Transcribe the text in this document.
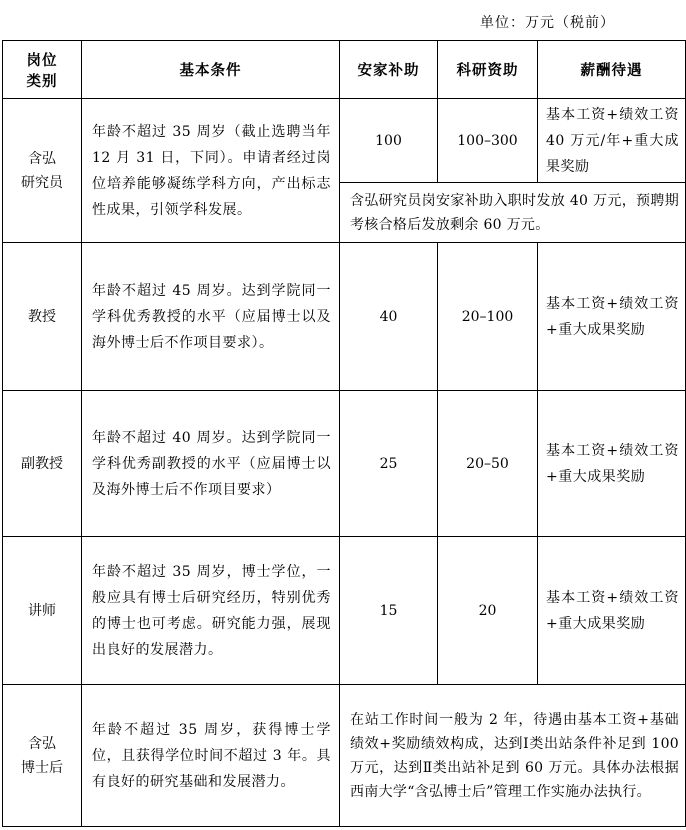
单位：万元（税前）
岗位
类别	基本条件	安家补助	科研资助	薪酬待遇

含弘
研究员	年龄不超过 35 周岁（截止选聘当年 12 月 31 日，下同）。申请者经过岗位培养能够凝练学科方向，产出标志性成果，引领学科发展。	100	100–300	基本工资+绩效工资 40 万元/年+重大成果奖励
		含弘研究员岗安家补助入职时发放 40 万元，预聘期考核合格后发放剩余 60 万元。		
教授	年龄不超过 45 周岁。达到学院同一学科优秀教授的水平（应届博士以及海外博士后不作项目要求）。	40	20–100	基本工资+绩效工资+重大成果奖励
副教授	年龄不超过 40 周岁。达到学院同一学科优秀副教授的水平（应届博士以及海外博士后不作项目要求）	25	20–50	基本工资+绩效工资+重大成果奖励
讲师	年龄不超过 35 周岁，博士学位，一般应具有博士后研究经历，特别优秀的博士也可考虑。研究能力强，展现出良好的发展潜力。	15	20	基本工资+绩效工资+重大成果奖励

含弘
博士后	年龄不超过 35 周岁，获得博士学位，且获得学位时间不超过 3 年。具有良好的研究基础和发展潜力。	在站工作时间一般为 2 年，待遇由基本工资+基础绩效+奖励绩效构成，达到Ⅰ类出站条件补足到 100 万元，达到Ⅱ类出站补足到 60 万元。具体办法根据西南大学“含弘博士后”管理工作实施办法执行。		
